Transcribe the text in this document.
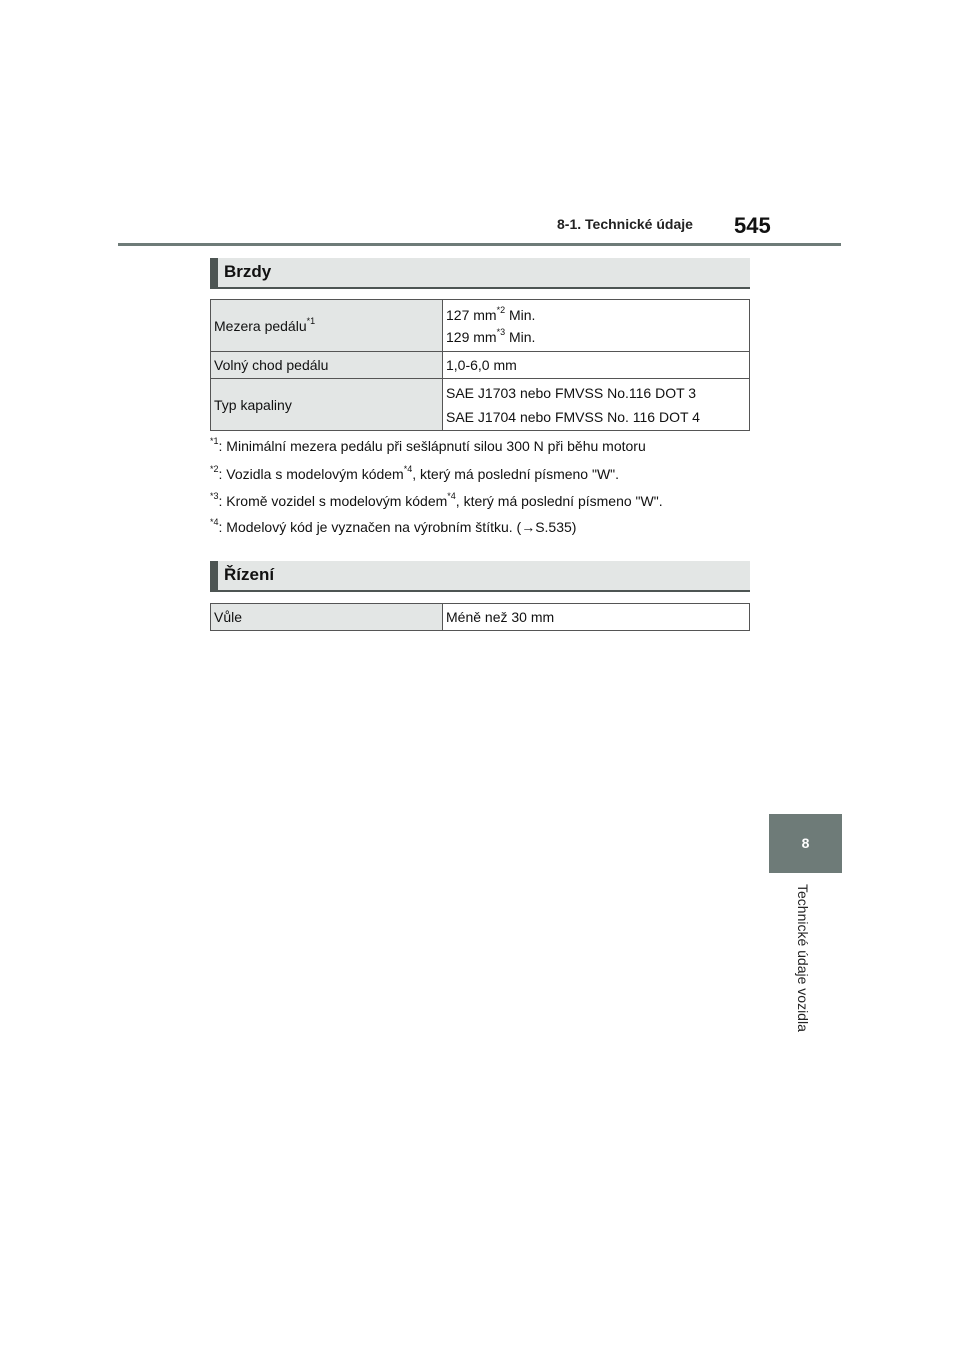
8-1. Technické údaje 545
Brzdy
Mezera pedálu$^{*1}$	127 $mm^{*2}$ Min.
129 $mm^{*3}$ Min.

Volný chod pedálu	1,0-6,0 mm
Typ kapaliny	SAE J1703 nebo FMVSS No.116 DOT 3
SAE J1704 nebo FMVSS No. 116 DOT 4
$^{*1}$: Minimální mezera pedálu při sešlápnutí silou 300 N při běhu motoru
$^{*2}$: Vozidla s modelovým kódem$^{*4}$, který má poslední písmeno "W".
$^{*3}$: Kromě vozidel s modelovým kódem$^{*4}$, který má poslední písmeno "W".
$^{*4}$: Modelový kód je vyznačen na výrobním štítku. (→S.535)
Řízení
Vůle	Méně než 30 mm
8
Technické údaje vozidla
